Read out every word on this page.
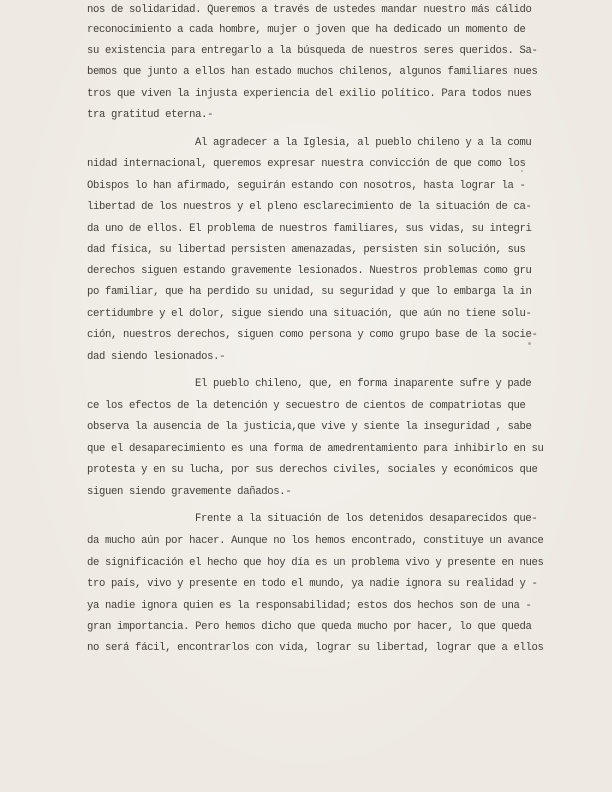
nos de solidaridad. Queremos a través de ustedes mandar nuestro más cálido
reconocimiento a cada hombre, mujer o joven que ha dedicado un momento de
su existencia para entregarlo a la búsqueda de nuestros seres queridos. Sa-
bemos que junto a ellos han estado muchos chilenos, algunos familiares nues
tros que viven la injusta experiencia del exilio político. Para todos nues
tra gratitud eterna.-
Al agradecer a la Iglesia, al pueblo chileno y a la comu
nidad internacional, queremos expresar nuestra convicción de que como los
Obispos lo han afirmado, seguirán estando con nosotros, hasta lograr la -
libertad de los nuestros y el pleno esclarecimiento de la situación de ca-
da uno de ellos. El problema de nuestros familiares, sus vidas, su integri
dad física, su libertad persisten amenazadas, persisten sin solución, sus
derechos siguen estando gravemente lesionados. Nuestros problemas como gru
po familiar, que ha perdido su unidad, su seguridad y que lo embarga la in
certidumbre y el dolor, sigue siendo una situación, que aún no tiene solu-
ción, nuestros derechos, siguen como persona y como grupo base de la socie-
dad siendo lesionados.-
El pueblo chileno, que, en forma inaparente sufre y pade
ce los efectos de la detención y secuestro de cientos de compatriotas que
observa la ausencia de la justicia,que vive y siente la inseguridad , sabe
que el desaparecimiento es una forma de amedrentamiento para inhibirlo en su
protesta y en su lucha, por sus derechos civiles, sociales y económicos que
siguen siendo gravemente dañados.-
Frente a la situación de los detenidos desaparecidos que-
da mucho aún por hacer. Aunque no los hemos encontrado, constituye un avance
de significación el hecho que hoy día es un problema vivo y presente en nues
tro país, vivo y presente en todo el mundo, ya nadie ignora su realidad y -
ya nadie ignora quien es la responsabilidad; estos dos hechos son de una -
gran importancia. Pero hemos dicho que queda mucho por hacer, lo que queda
no será fácil, encontrarlos con vida, lograr su libertad, lograr que a ellos
